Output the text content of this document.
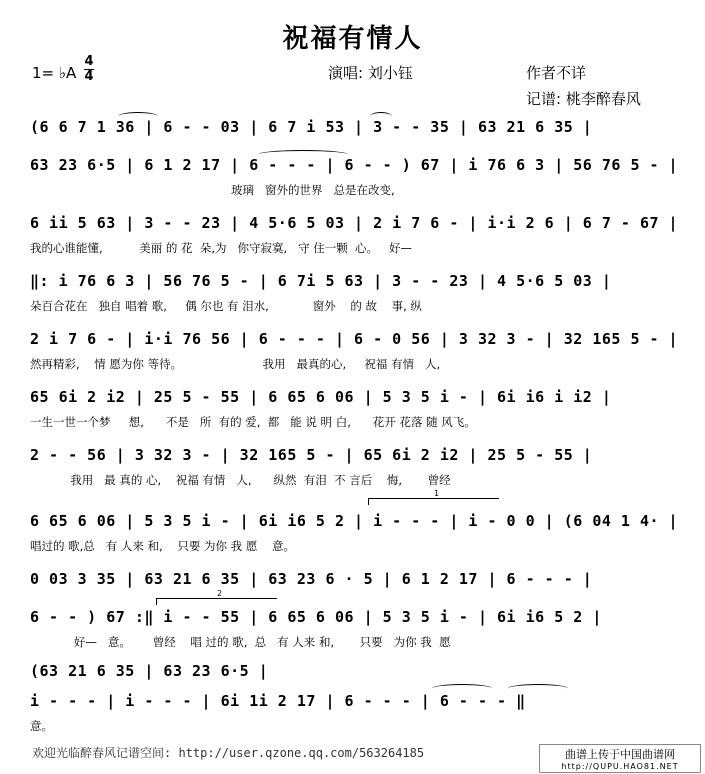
祝福有情人
1= ♭A
4
4	演唱: 刘小钰	作者不详
记谱: 桃李醉春风
(6 6 7 1 36 | 6 - - 03 | 6 7 i 53 | 3 - - 35 | 63 21 6 35 |
63 23 6·5 | 6 1 2 17 | 6 - - - | 6 - - ) 67 | i 76 6 3 | 56 76 5 - |
玻璃   窗外的世界   总是在改变,
6 ii 5 63 | 3 - - 23 | 4 5·6 5 03 | 2 i 7 6 - | i·i 2 6 | 6 7 - 67 |
我的心谁能懂,          美丽 的 花  朵,为   你守寂寞,   守 住一颗  心。   好—
‖: i 76 6 3 | 56 76 5 - | 6 7i 5 63 | 3 - - 23 | 4 5·6 5 03 |
朵百合花在   独自 唱着 歌,     偶 尔也 有 泪水,            窗外    的 故    事, 纵
2 i 7 6 - | i·i 76 56 | 6 - - - | 6 - 0 56 | 3 32 3 - | 32 165 5 - |
然再精彩,    情 愿为你 等待。                      我用   最真的心,     祝福 有情   人,
65 6i 2 i2 | 25 5 - 55 | 6 65 6 06 | 5 3 5 i - | 6i i6 i i2 |
一生一世一个梦     想,      不是   所  有的 爱,  都   能 说 明 白,      花开 花落 随 风飞。
2 - - 56 | 3 32 3 - | 32 165 5 - | 65 6i 2 i2 | 25 5 - 55 |
我用   最 真的 心,    祝福 有情   人,      纵然  有泪  不 言后    悔,       曾经
1
6 65 6 06 | 5 3 5 i - | 6i i6 5 2 | i - - - | i - 0 0 | (6 04 1 4· |
唱过的 歌,总   有 人来 和,    只要 为你 我 愿    意。
0 03 3 35 | 63 21 6 35 | 63 23 6 · 5 | 6 1 2 17 | 6 - - - |
2
6 - - ) 67 :‖ i - - 55 | 6 65 6 06 | 5 3 5 i - | 6i i6 5 2 |
好—   意。      曾经    唱 过的 歌,  总   有 人来 和,       只要   为你 我  愿
(63 21 6 35 | 63 23 6·5 |
i - - - | i - - - | 6i 1i 2 17 | 6 - - - | 6 - - - ‖
意。
欢迎光临醉春风记谱空间: http://user.qzone.qq.com/563264185	曲谱上传于中国曲谱网
http://QUPU.HAO81.NET
